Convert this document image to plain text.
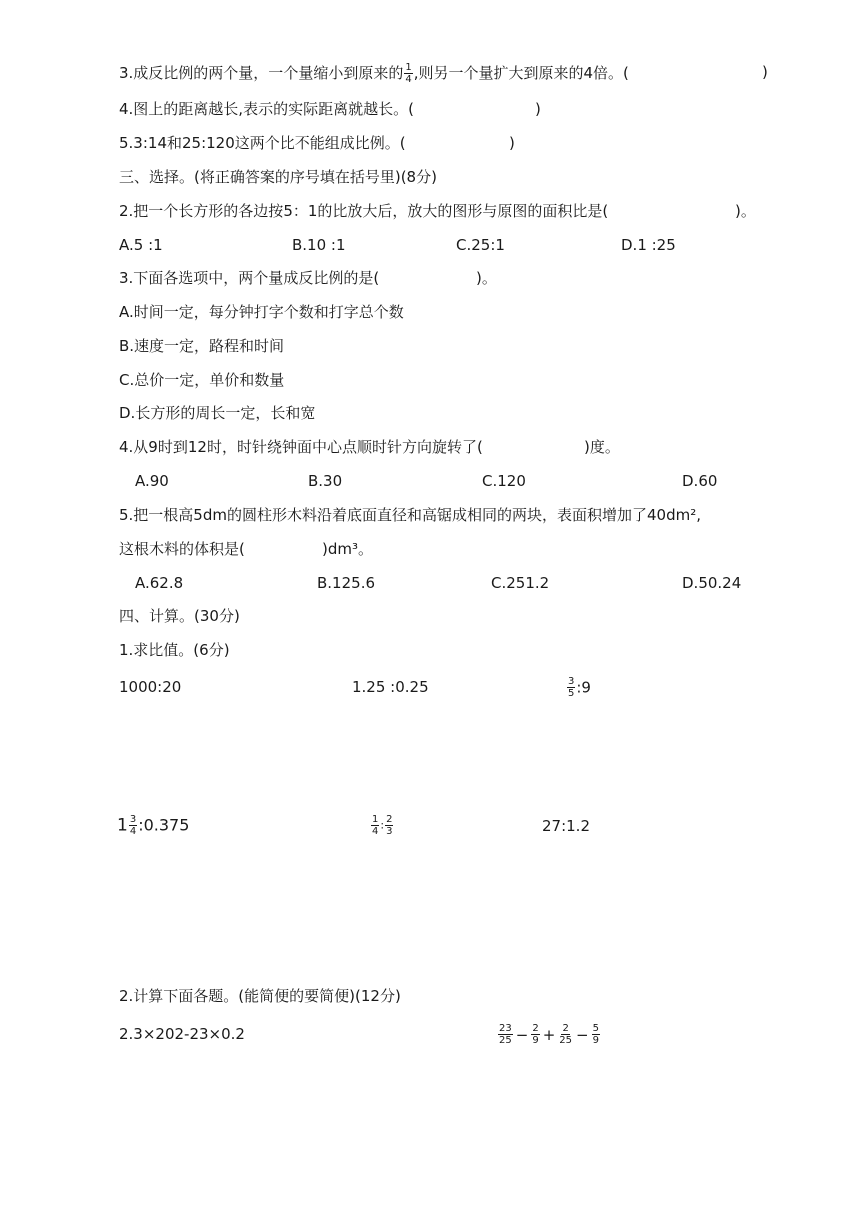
3.成反比例的两个量，一个量缩小到原来的 $\frac{1}{4}$ ,则另一个量扩大到原来的4倍。(	)
4.图上的距离越长,表示的实际距离就越长。(	)
5.3:14和25:120这两个比不能组成比例。(	)
三、选择。(将正确答案的序号填在括号里)(8分)
2.把一个长方形的各边按5：1的比放大后，放大的图形与原图的面积比是(	)。
A.5 :1	B.10 :1	C.25:1	D.1 :25
3.下面各选项中，两个量成反比例的是(	)。
A.时间一定，每分钟打字个数和打字总个数
B.速度一定，路程和时间
C.总价一定，单价和数量
D.长方形的周长一定，长和宽
4.从9时到12时，时针绕钟面中心点顺时针方向旋转了(	)度。
A.90	B.30	C.120	D.60
5.把一根高5dm的圆柱形木料沿着底面直径和高锯成相同的两块，表面积增加了40dm²,
这根木料的体积是(	)dm³。
A.62.8	B.125.6	C.251.2	D.50.24
四、计算。(30分)
1.求比值。(6分)
1000:20	1.25 :0.25	$\frac{3}{5}$ :9
$1 \frac{3}{4}$ :0.375	$\frac{1}{4}$ : $\frac{2}{3}$	27:1.2
2.计算下面各题。(能简便的要简便)(12分)
2.3×202-23×0.2	$\frac{23}{25} - \frac{2}{9} + \frac{2}{25} - \frac{5}{9}$
